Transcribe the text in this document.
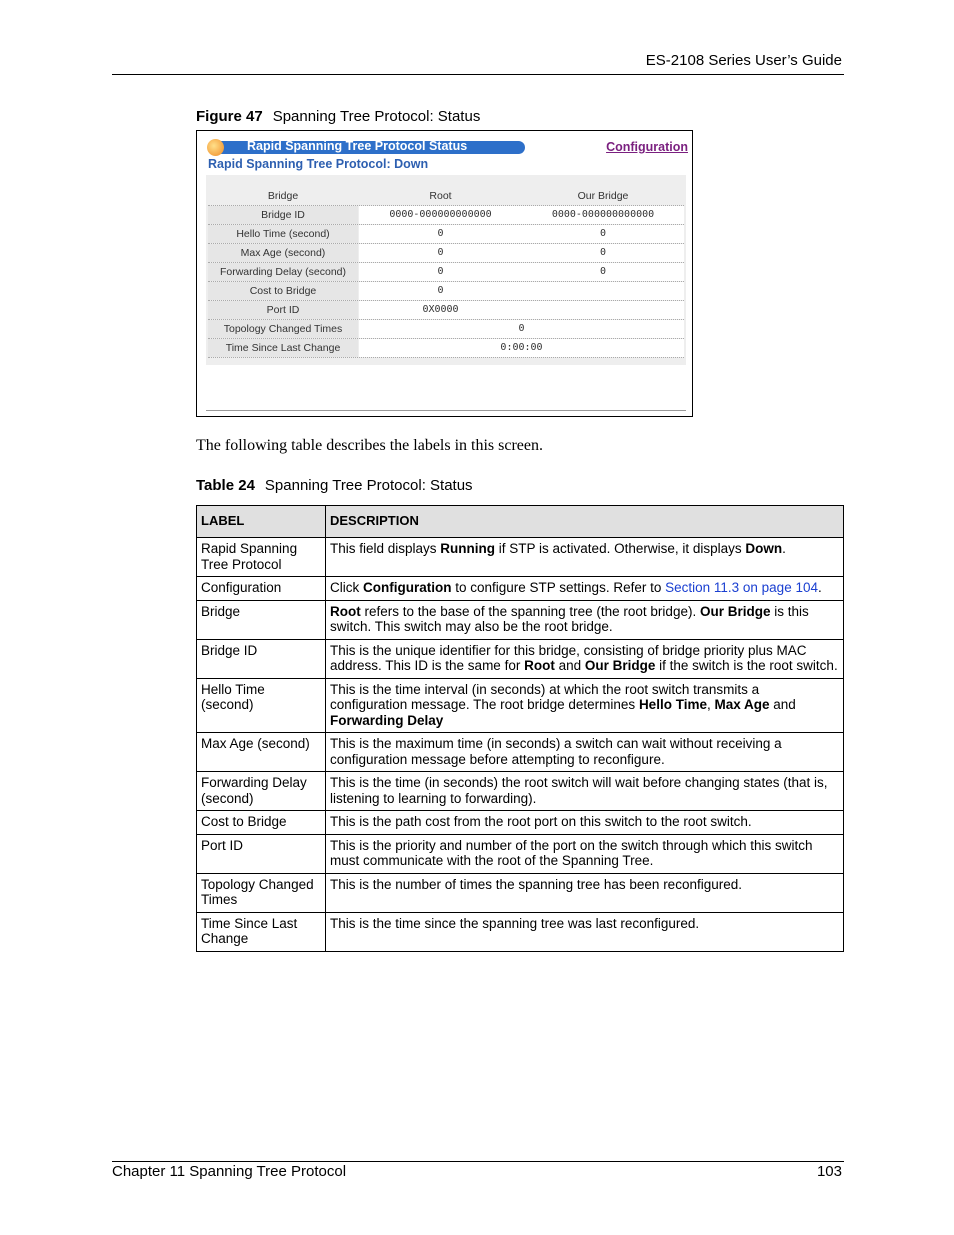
ES-2108 Series User’s Guide
Figure 47 Spanning Tree Protocol: Status
Rapid Spanning Tree Protocol Status	Configuration
Rapid Spanning Tree Protocol: Down
Bridge	Root	Our Bridge
Bridge ID	0000-000000000000	0000-000000000000
Hello Time (second)	0	0
Max Age (second)	0	0
Forwarding Delay (second)	0	0
Cost to Bridge	0
Port ID	0X0000
Topology Changed Times	0
Time Since Last Change	0:00:00
The following table describes the labels in this screen.
Table 24 Spanning Tree Protocol: Status
LABEL	DESCRIPTION
Rapid Spanning Tree Protocol	This field displays Running if STP is activated. Otherwise, it displays Down.
Configuration	Click Configuration to configure STP settings. Refer to Section 11.3 on page 104.
Bridge	Root refers to the base of the spanning tree (the root bridge). Our Bridge is this switch. This switch may also be the root bridge.
Bridge ID	This is the unique identifier for this bridge, consisting of bridge priority plus MAC address. This ID is the same for Root and Our Bridge if the switch is the root switch.
Hello Time (second)	This is the time interval (in seconds) at which the root switch transmits a configuration message. The root bridge determines Hello Time, Max Age and Forwarding Delay
Max Age (second)	This is the maximum time (in seconds) a switch can wait without receiving a configuration message before attempting to reconfigure.
Forwarding Delay (second)	This is the time (in seconds) the root switch will wait before changing states (that is, listening to learning to forwarding).
Cost to Bridge	This is the path cost from the root port on this switch to the root switch.
Port ID	This is the priority and number of the port on the switch through which this switch must communicate with the root of the Spanning Tree.
Topology Changed Times	This is the number of times the spanning tree has been reconfigured.
Time Since Last Change	This is the time since the spanning tree was last reconfigured.
Chapter 11 Spanning Tree Protocol	103
